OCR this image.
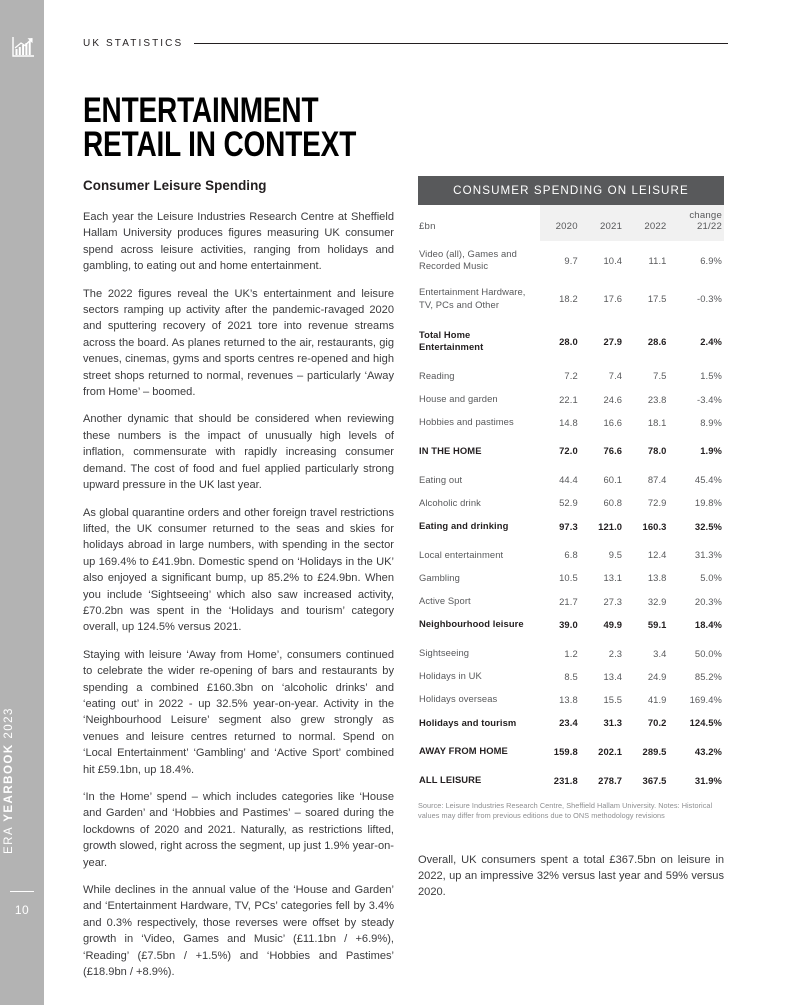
ERA YEARBOOK 2023
10
UK STATISTICS
ENTERTAINMENT RETAIL IN CONTEXT
Consumer Leisure Spending

Each year the Leisure Industries Research Centre at Sheffield Hallam University produces figures measuring UK consumer spend across leisure activities, ranging from holidays and gambling, to eating out and home entertainment.

The 2022 figures reveal the UK’s entertainment and leisure sectors ramping up activity after the pandemic-ravaged 2020 and sputtering recovery of 2021 tore into revenue streams across the board. As planes returned to the air, restaurants, gig venues, cinemas, gyms and sports centres re-opened and high street shops returned to normal, revenues – particularly ‘Away from Home’ – boomed.

Another dynamic that should be considered when reviewing these numbers is the impact of unusually high levels of inflation, commensurate with rapidly increasing consumer demand. The cost of food and fuel applied particularly strong upward pressure in the UK last year.

As global quarantine orders and other foreign travel restrictions lifted, the UK consumer returned to the seas and skies for holidays abroad in large numbers, with spending in the sector up 169.4% to £41.9bn. Domestic spend on ‘Holidays in the UK’ also enjoyed a significant bump, up 85.2% to £24.9bn. When you include ‘Sightseeing’ which also saw increased activity, £70.2bn was spent in the ‘Holidays and tourism’ category overall, up 124.5% versus 2021.

Staying with leisure ‘Away from Home’, consumers continued to celebrate the wider re-opening of bars and restaurants by spending a combined £160.3bn on ‘alcoholic drinks’ and ‘eating out’ in 2022 - up 32.5% year-on-year. Activity in the ‘Neighbourhood Leisure’ segment also grew strongly as venues and leisure centres returned to normal. Spend on ‘Local Entertainment’ ‘Gambling’ and ‘Active Sport’ combined hit £59.1bn, up 18.4%.

‘In the Home’ spend – which includes categories like ‘House and Garden’ and ‘Hobbies and Pastimes’ – soared during the lockdowns of 2020 and 2021. Naturally, as restrictions lifted, growth slowed, right across the segment, up just 1.9% year-on-year.

While declines in the annual value of the ‘House and Garden’ and ‘Entertainment Hardware, TV, PCs’ categories fell by 3.4% and 0.3% respectively, those reverses were offset by steady growth in ‘Video, Games and Music’ (£11.1bn / +6.9%), ‘Reading’ (£7.5bn / +1.5%) and ‘Hobbies and Pastimes’ (£18.9bn / +8.9%).

CONSUMER SPENDING ON LEISURE
£bn	2020	2021	2022	change
21/22
Video (all), Games and Recorded Music	9.7	10.4	11.1	6.9%
Entertainment Hardware, TV, PCs and Other	18.2	17.6	17.5	-0.3%
Total Home Entertainment	28.0	27.9	28.6	2.4%
Reading	7.2	7.4	7.5	1.5%
House and garden	22.1	24.6	23.8	-3.4%
Hobbies and pastimes	14.8	16.6	18.1	8.9%
IN THE HOME	72.0	76.6	78.0	1.9%
Eating out	44.4	60.1	87.4	45.4%
Alcoholic drink	52.9	60.8	72.9	19.8%
Eating and drinking	97.3	121.0	160.3	32.5%
Local entertainment	6.8	9.5	12.4	31.3%
Gambling	10.5	13.1	13.8	5.0%
Active Sport	21.7	27.3	32.9	20.3%
Neighbourhood leisure	39.0	49.9	59.1	18.4%
Sightseeing	1.2	2.3	3.4	50.0%
Holidays in UK	8.5	13.4	24.9	85.2%
Holidays overseas	13.8	15.5	41.9	169.4%
Holidays and tourism	23.4	31.3	70.2	124.5%
AWAY FROM HOME	159.8	202.1	289.5	43.2%
ALL LEISURE	231.8	278.7	367.5	31.9%
Source: Leisure Industries Research Centre, Sheffield Hallam University. Notes: Historical values may differ from previous editions due to ONS methodology revisions

Overall, UK consumers spent a total £367.5bn on leisure in 2022, up an impressive 32% versus last year and 59% versus 2020.
